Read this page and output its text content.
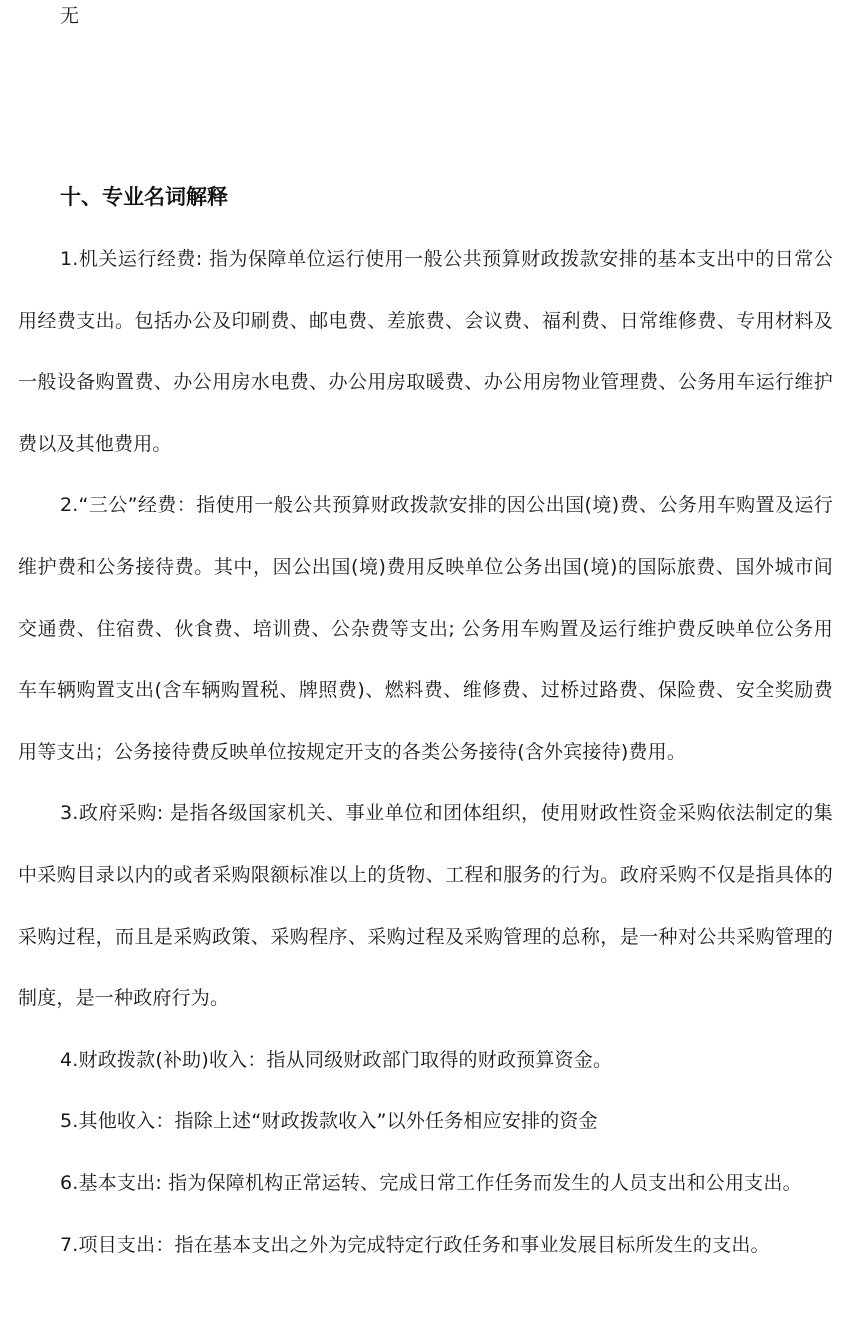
无

十、专业名词解释

1.机关运行经费: 指为保障单位运行使用一般公共预算财政拨款安排的基本支出中的日常公用经费支出。包括办公及印刷费、邮电费、差旅费、会议费、福利费、日常维修费、专用材料及一般设备购置费、办公用房水电费、办公用房取暖费、办公用房物业管理费、公务用车运行维护费以及其他费用。

2.“三公”经费：指使用一般公共预算财政拨款安排的因公出国(境)费、公务用车购置及运行维护费和公务接待费。其中，因公出国(境)费用反映单位公务出国(境)的国际旅费、国外城市间交通费、住宿费、伙食费、培训费、公杂费等支出; 公务用车购置及运行维护费反映单位公务用车车辆购置支出(含车辆购置税、牌照费)、燃料费、维修费、过桥过路费、保险费、安全奖励费用等支出；公务接待费反映单位按规定开支的各类公务接待(含外宾接待)费用。

3.政府采购: 是指各级国家机关、事业单位和团体组织，使用财政性资金采购依法制定的集中采购目录以内的或者采购限额标准以上的货物、工程和服务的行为。政府采购不仅是指具体的采购过程，而且是采购政策、采购程序、采购过程及采购管理的总称，是一种对公共采购管理的制度，是一种政府行为。

4.财政拨款(补助)收入：指从同级财政部门取得的财政预算资金。

5.其他收入：指除上述“财政拨款收入”以外任务相应安排的资金

6.基本支出: 指为保障机构正常运转、完成日常工作任务而发生的人员支出和公用支出。

7.项目支出：指在基本支出之外为完成特定行政任务和事业发展目标所发生的支出。
